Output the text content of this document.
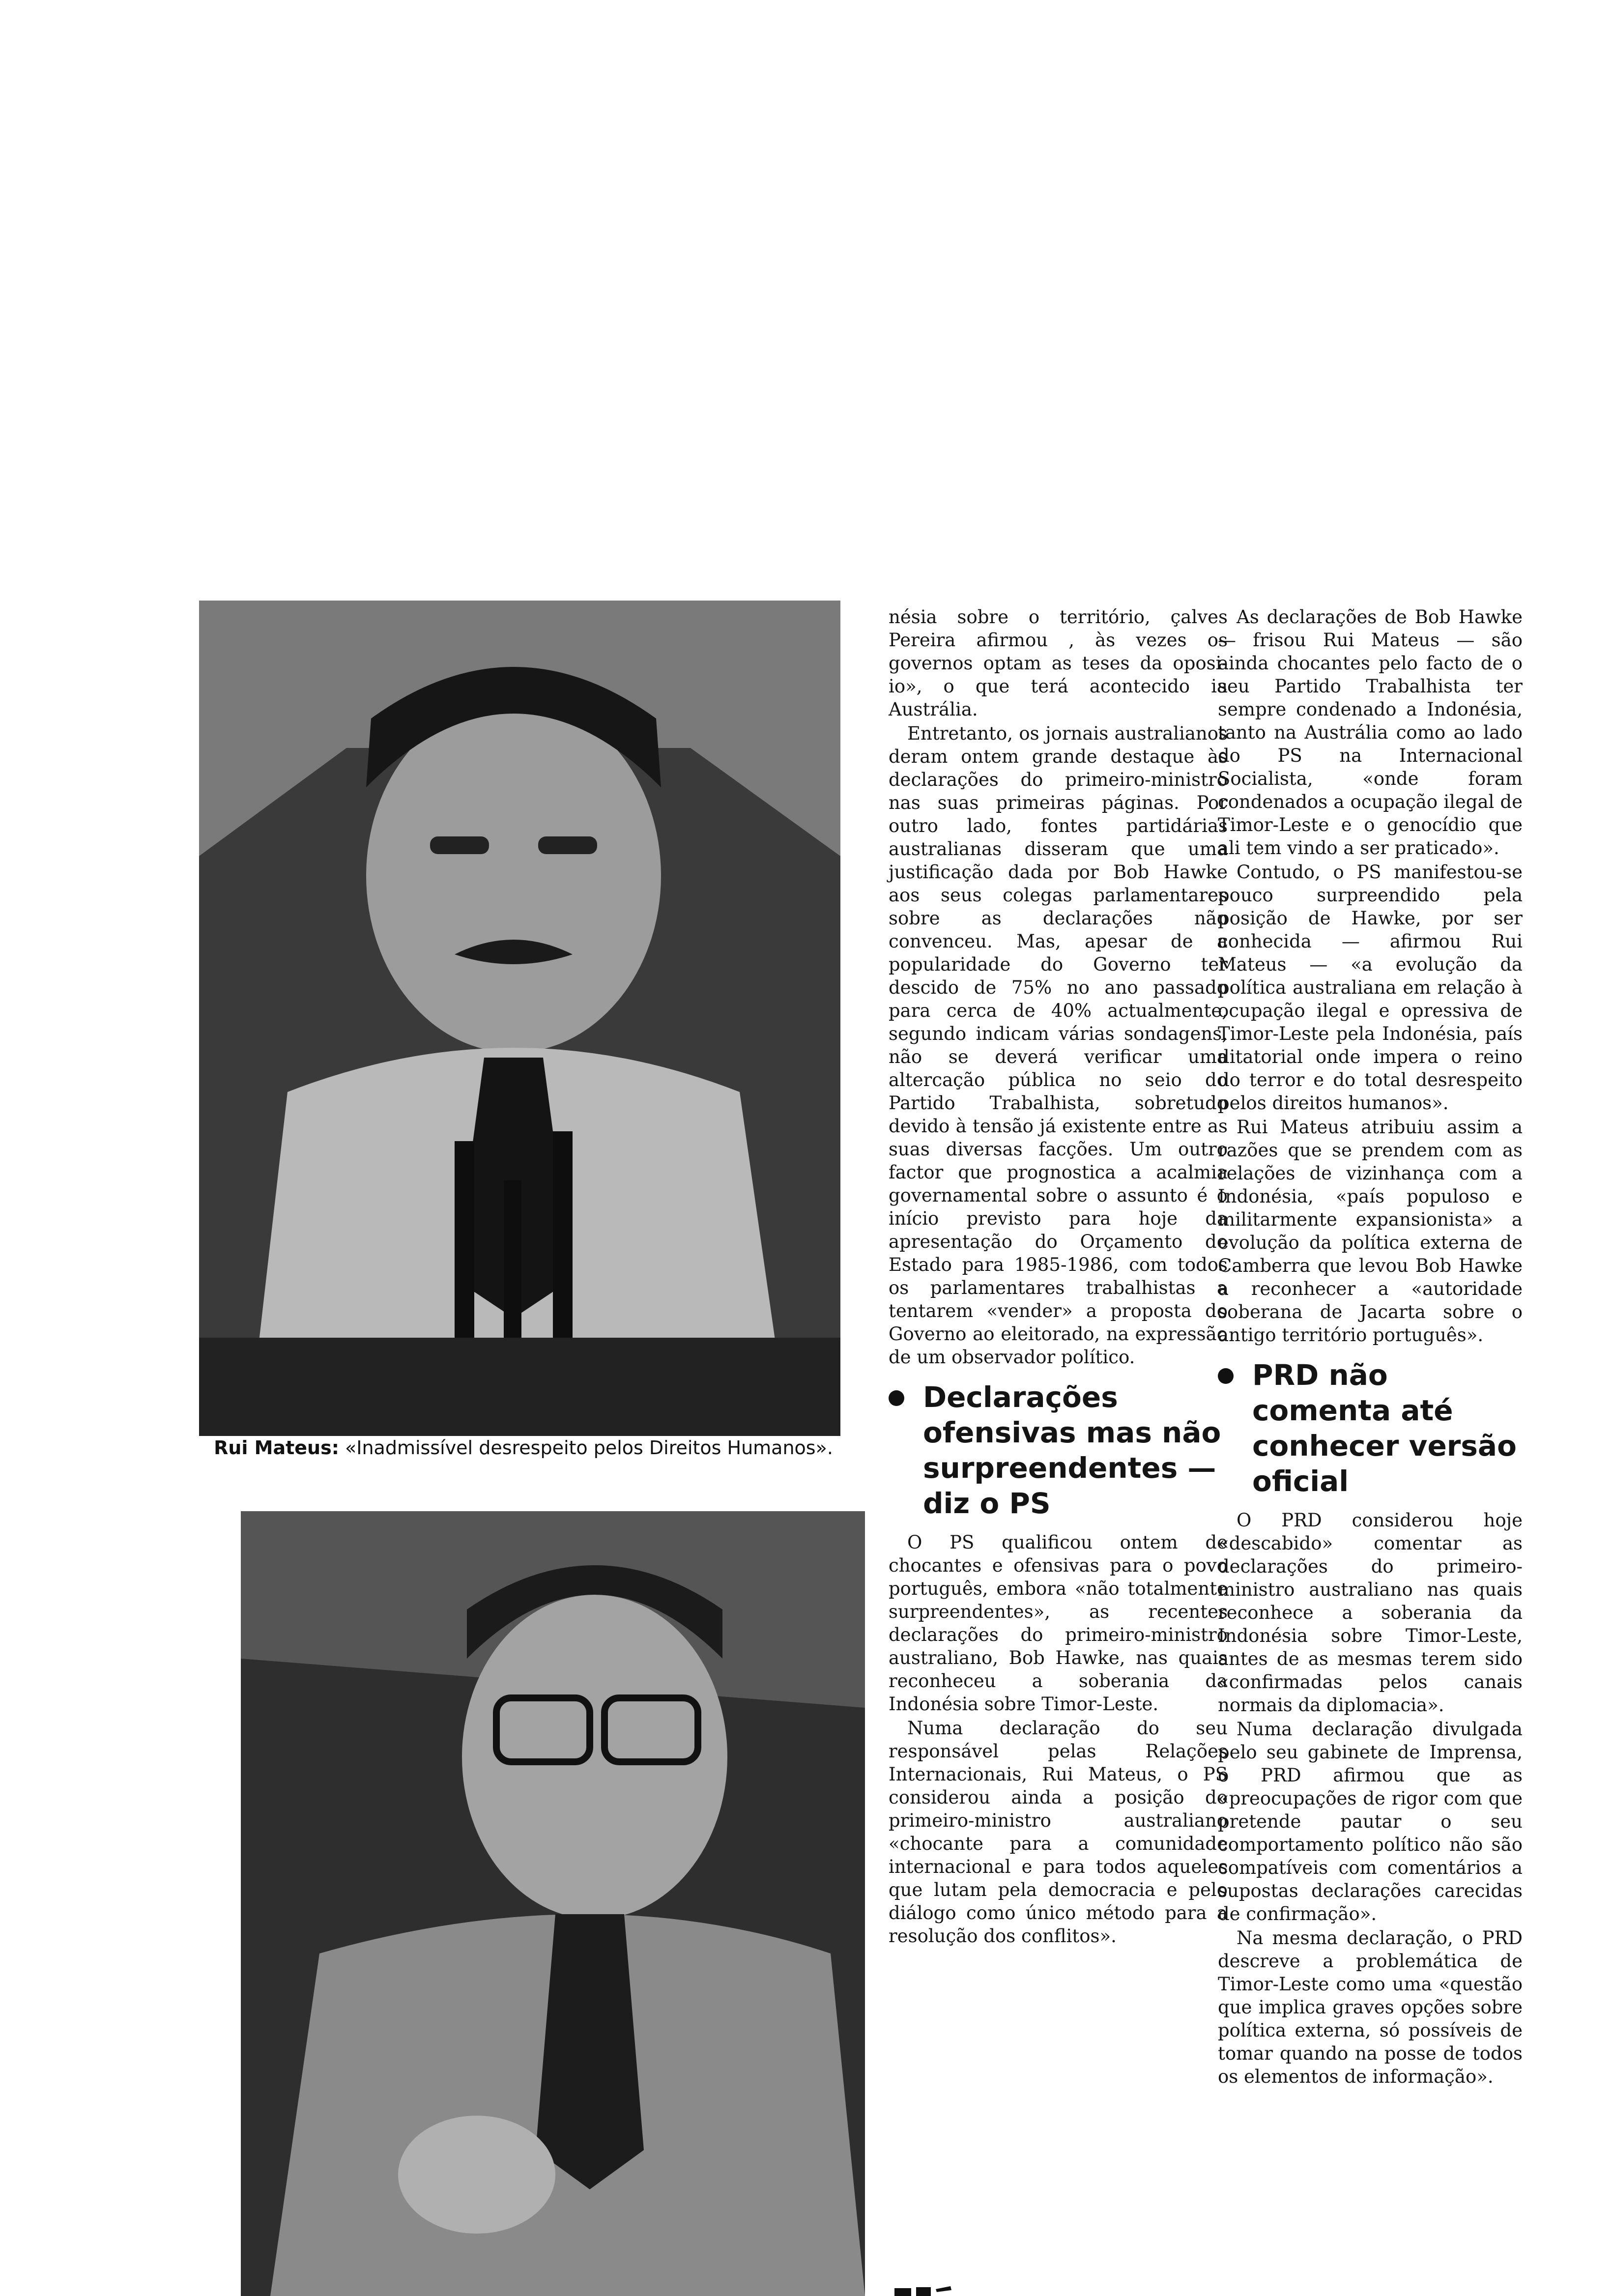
Rui Mateus: «Inadmissível desrespeito pelos Direitos Humanos».

nésia sobre o território, çalves Pereira afirmou , às vezes os governos optam as teses da oposi- io», o que terá acontecido ia Austrália.

Entretanto, os jornais australianos deram ontem grande destaque às declarações do primeiro-ministro nas suas primeiras páginas. Por outro lado, fontes partidárias australianas disseram que uma justificação dada por Bob Hawke aos seus colegas parlamentares sobre as declarações não convenceu. Mas, apesar de a popularidade do Governo ter descido de 75% no ano passado para cerca de 40% actualmente, segundo indicam várias sondagens, não se deverá verificar uma altercação pública no seio do Partido Trabalhista, sobretudo devido à tensão já existente entre as suas diversas facções. Um outro factor que prognostica a acalmia governamental sobre o assunto é o início previsto para hoje da apresentação do Orçamento do Estado para 1985-1986, com todos os parlamentares trabalhistas a tentarem «vender» a proposta do Governo ao eleitorado, na expressão de um observador político.

Declarações ofensivas mas não surpreendentes — diz o PS

O PS qualificou ontem de chocantes e ofensivas para o povo português, embora «não totalmente surpreendentes», as recentes declarações do primeiro-ministro australiano, Bob Hawke, nas quais reconheceu a soberania da Indonésia sobre Timor-Leste.

Numa declaração do seu responsável pelas Relações Internacionais, Rui Mateus, o PS considerou ainda a posição do primeiro-ministro australiano «chocante para a comunidade internacional e para todos aqueles que lutam pela democracia e pelo diálogo como único método para a resolução dos conflitos».

As declarações de Bob Hawke — frisou Rui Mateus — são ainda chocantes pelo facto de o seu Partido Trabalhista ter sempre condenado a Indonésia, tanto na Austrália como ao lado do PS na Internacional Socialista, «onde foram condenados a ocupação ilegal de Timor-Leste e o genocídio que ali tem vindo a ser praticado».

Contudo, o PS manifestou-se pouco surpreendido pela posição de Hawke, por ser conhecida — afirmou Rui Mateus — «a evolução da política australiana em relação à ocupação ilegal e opressiva de Timor-Leste pela Indonésia, país ditatorial onde impera o reino do terror e do total desrespeito pelos direitos humanos».

Rui Mateus atribuiu assim a razões que se prendem com as relações de vizinhança com a Indonésia, «país populoso e militarmente expansionista» a evolução da política externa de Camberra que levou Bob Hawke a reconhecer a «autoridade soberana de Jacarta sobre o antigo território português».

PRD não comenta até conhecer versão oficial

O PRD considerou hoje «descabido» comentar as declarações do primeiro-ministro australiano nas quais reconhece a soberania da Indonésia sobre Timor-Leste, antes de as mesmas terem sido «confirmadas pelos canais normais da diplomacia».

Numa declaração divulgada pelo seu gabinete de Imprensa, o PRD afirmou que as «preocupações de rigor com que pretende pautar o seu comportamento político não são compatíveis com comentários a supostas declarações carecidas de confirmação».

Na mesma declaração, o PRD descreve a problemática de Timor-Leste como uma «questão que implica graves opções sobre política externa, só possíveis de tomar quando na posse de todos os elementos de informação».
